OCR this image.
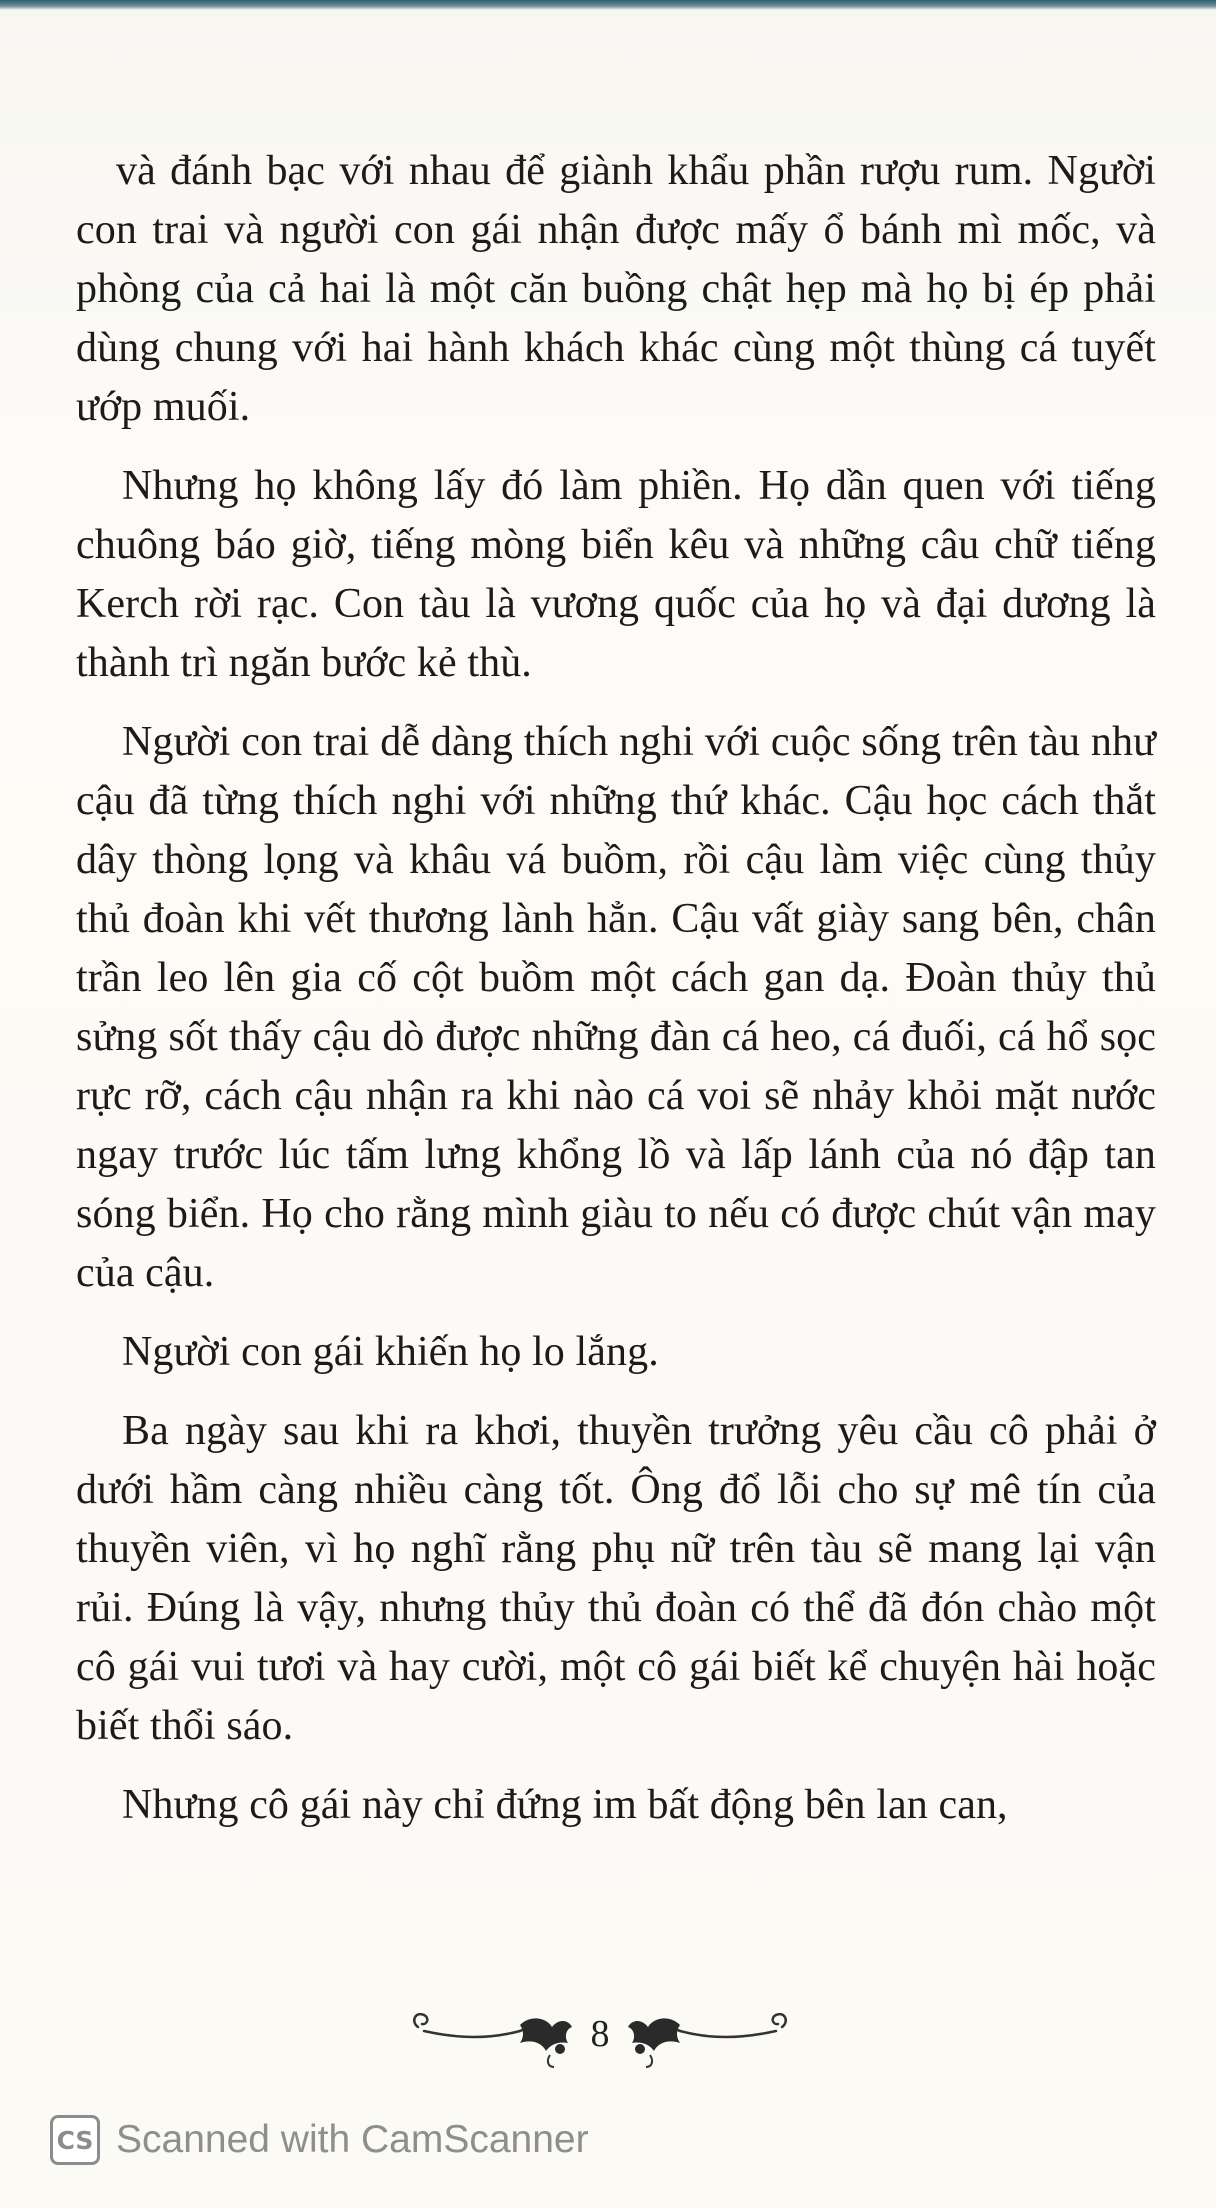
và đánh bạc với nhau để giành khẩu phần rượu rum. Người con trai và người con gái nhận được mấy ổ bánh mì mốc, và phòng của cả hai là một căn buồng chật hẹp mà họ bị ép phải dùng chung với hai hành khách khác cùng một thùng cá tuyết ướp muối.

Nhưng họ không lấy đó làm phiền. Họ dần quen với tiếng chuông báo giờ, tiếng mòng biển kêu và những câu chữ tiếng Kerch rời rạc. Con tàu là vương quốc của họ và đại dương là thành trì ngăn bước kẻ thù.

Người con trai dễ dàng thích nghi với cuộc sống trên tàu như cậu đã từng thích nghi với những thứ khác. Cậu học cách thắt dây thòng lọng và khâu vá buồm, rồi cậu làm việc cùng thủy thủ đoàn khi vết thương lành hẳn. Cậu vất giày sang bên, chân trần leo lên gia cố cột buồm một cách gan dạ. Đoàn thủy thủ sửng sốt thấy cậu dò được những đàn cá heo, cá đuối, cá hổ sọc rực rỡ, cách cậu nhận ra khi nào cá voi sẽ nhảy khỏi mặt nước ngay trước lúc tấm lưng khổng lồ và lấp lánh của nó đập tan sóng biển. Họ cho rằng mình giàu to nếu có được chút vận may của cậu.

Người con gái khiến họ lo lắng.

Ba ngày sau khi ra khơi, thuyền trưởng yêu cầu cô phải ở dưới hầm càng nhiều càng tốt. Ông đổ lỗi cho sự mê tín của thuyền viên, vì họ nghĩ rằng phụ nữ trên tàu sẽ mang lại vận rủi. Đúng là vậy, nhưng thủy thủ đoàn có thể đã đón chào một cô gái vui tươi và hay cười, một cô gái biết kể chuyện hài hoặc biết thổi sáo.

Nhưng cô gái này chỉ đứng im bất động bên lan can,

8
CS Scanned with CamScanner
